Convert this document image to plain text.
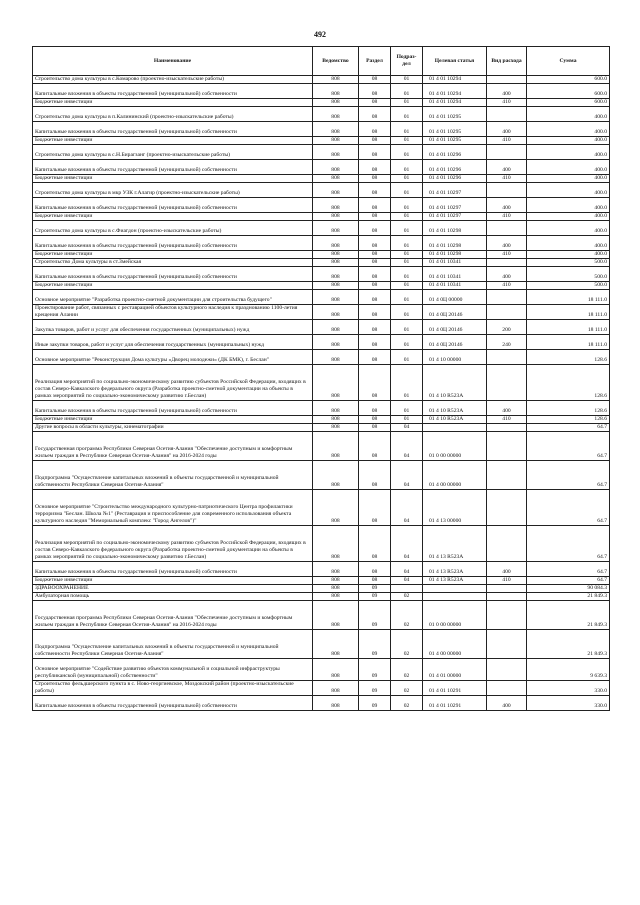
492
Наименование	Ведомство	Раздел	Подраз-дел	Целевая статья	Вид расхода	Сумма
Строительство дома культуры в с.Комарово (проектно-изыскательские работы)	808	08	01	01 4 01 10294		600.0
Капитальные вложения в объекты государственной (муниципальной) собственности	808	08	01	01 4 01 10294	400	600.0
Бюджетные инвестиции	808	08	01	01 4 01 10294	410	600.0
Строительство дома культуры в п.Калининский (проектно-изыскательские работы)	808	08	01	01 4 01 10295		400.0
Капитальные вложения в объекты государственной (муниципальной) собственности	808	08	01	01 4 01 10295	400	400.0
Бюджетные инвестиции	808	08	01	01 4 01 10295	410	400.0
Строительство дома культуры в с.Н.Бирагзанг (проектно-изыскательские работы)	808	08	01	01 4 01 10296		400.0
Капитальные вложения в объекты государственной (муниципальной) собственности	808	08	01	01 4 01 10296	400	400.0
Бюджетные инвестиции	808	08	01	01 4 01 10296	410	400.0
Строительство дома культуры в мкр УЗК г.Алагир (проектно-изыскательские работы)	808	08	01	01 4 01 10297		400.0
Капитальные вложения в объекты государственной (муниципальной) собственности	808	08	01	01 4 01 10297	400	400.0
Бюджетные инвестиции	808	08	01	01 4 01 10297	410	400.0
Строительство дома культуры в с.Фиагдон (проектно-изыскательские работы)	808	08	01	01 4 01 10298		400.0
Капитальные вложения в объекты государственной (муниципальной) собственности	808	08	01	01 4 01 10298	400	400.0
Бюджетные инвестиции	808	08	01	01 4 01 10298	410	400.0
Строительство Дома культуры в ст.Змейская	808	08	01	01 4 01 10341		500.0
Капитальные вложения в объекты государственной (муниципальной) собственности	808	08	01	01 4 01 10341	400	500.0
Бюджетные инвестиции	808	08	01	01 4 01 10341	410	500.0
Основное мероприятие "Разработка проектно-сметной документации для строительства будущего"	808	08	01	01 4 0Ц 00000		18 111.0
Проектирование работ, связанных с реставрацией объектов культурного наследия к празднованию 1100-летия крещения Алании	808	08	01	01 4 0Ц 20146		18 111.0
Закупка товаров, работ и услуг для обеспечения государственных (муниципальных) нужд	808	08	01	01 4 0Ц 20146	200	18 111.0
Иные закупки товаров, работ и услуг для обеспечения государственных (муниципальных) нужд	808	08	01	01 4 0Ц 20146	240	18 111.0
Основное мероприятие "Реконструкция Дома культуры «Дворец молодежи» (ДК БМК), г. Беслан"	808	08	01	01 4 10 00000		128.6
Реализация мероприятий по социально-экономическому развитию субъектов Российской Федерации, входящих в состав Северо-Кавказского федерального округа (Разработка проектно-сметной документации на объекты в рамках мероприятий по социально-экономическому развитию г.Беслан)	808	08	01	01 4 10 R523A		128.6
Капитальные вложения в объекты государственной (муниципальной) собственности	808	08	01	01 4 10 R523A	400	128.6
Бюджетные инвестиции	808	08	01	01 4 10 R523A	410	128.6
Другие вопросы в области культуры, кинематографии	808	08	04			64.7
Государственная программа Республики Северная Осетия-Алания "Обеспечение доступным и комфортным жильем граждан в Республике Северная Осетия-Алания" на 2016-2024 годы	808	08	04	01 0 00 00000		64.7
Подпрограмма "Осуществление капитальных вложений в объекты государственной и муниципальной собственности Республики Северная Осетия-Алания"	808	08	04	01 4 00 00000		64.7
Основное мероприятие "Строительство международного культурно-патриотического Центра профилактики терроризма "Беслан. Школа №1" (Реставрация и приспособление для современного использования объекта культурного наследия "Мемориальный комплекс "Город Ангелов")"	808	08	04	01 4 13 00000		64.7
Реализация мероприятий по социально-экономическому развитию субъектов Российской Федерации, входящих в состав Северо-Кавказского федерального округа (Разработка проектно-сметной документации на объекты в рамках мероприятий по социально-экономическому развитию г.Беслан)	808	08	04	01 4 13 R523A		64.7
Капитальные вложения в объекты государственной (муниципальной) собственности	808	08	04	01 4 13 R523A	400	64.7
Бюджетные инвестиции	808	08	04	01 4 13 R523A	410	64.7
ЗДРАВООХРАНЕНИЕ	808	09				90 084.3
Амбулаторная помощь	808	09	02			21 849.3
Государственная программа Республики Северная Осетия-Алания "Обеспечение доступным и комфортным жильем граждан в Республике Северная Осетия-Алания" на 2016-2024 годы	808	09	02	01 0 00 00000		21 849.3
Подпрограмма "Осуществление капитальных вложений в объекты государственной и муниципальной собственности Республики Северная Осетия-Алания"	808	09	02	01 4 00 00000		21 849.3
Основное мероприятие "Содействие развитию объектов коммунальной и социальной инфраструктуры республиканской (муниципальной) собственности"	808	09	02	01 4 01 00000		9 639.3
Строительство фельдшерского пункта в с. Ново-георгиевское, Моздокский район (проектно-изыскательские работы)	808	09	02	01 4 01 10291		330.0
Капитальные вложения в объекты государственной (муниципальной) собственности	808	09	02	01 4 01 10291	400	330.0
